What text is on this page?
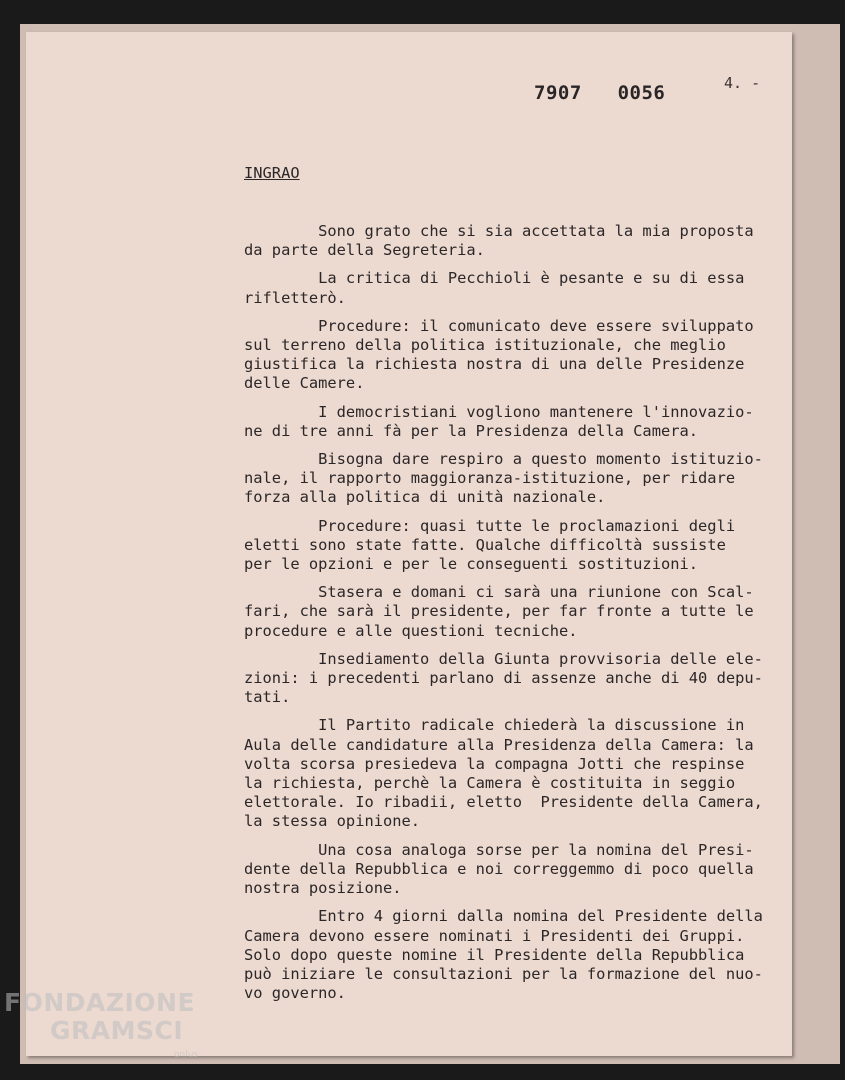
7907   0056	4. -
INGRAO
Sono grato che si sia accettata la mia proposta
da parte della Segreteria.
La critica di Pecchioli è pesante e su di essa
rifletterò.
Procedure: il comunicato deve essere sviluppato
sul terreno della politica istituzionale, che meglio
giustifica la richiesta nostra di una delle Presidenze
delle Camere.
I democristiani vogliono mantenere l'innovazio-
ne di tre anni fà per la Presidenza della Camera.
Bisogna dare respiro a questo momento istituzio-
nale, il rapporto maggioranza-istituzione, per ridare
forza alla politica di unità nazionale.
Procedure: quasi tutte le proclamazioni degli
eletti sono state fatte. Qualche difficoltà sussiste
per le opzioni e per le conseguenti sostituzioni.
Stasera e domani ci sarà una riunione con Scal-
fari, che sarà il presidente, per far fronte a tutte le
procedure e alle questioni tecniche.
Insediamento della Giunta provvisoria delle ele-
zioni: i precedenti parlano di assenze anche di 40 depu-
tati.
Il Partito radicale chiederà la discussione in
Aula delle candidature alla Presidenza della Camera: la
volta scorsa presiedeva la compagna Jotti che respinse
la richiesta, perchè la Camera è costituita in seggio
elettorale. Io ribadii, eletto  Presidente della Camera,
la stessa opinione.
Una cosa analoga sorse per la nomina del Presi-
dente della Repubblica e noi correggemmo di poco quella
nostra posizione.
Entro 4 giorni dalla nomina del Presidente della
Camera devono essere nominati i Presidenti dei Gruppi.
Solo dopo queste nomine il Presidente della Repubblica
può iniziare le consultazioni per la formazione del nuo-
vo governo.
FONDAZIONE
GRAMSCI
onlus
